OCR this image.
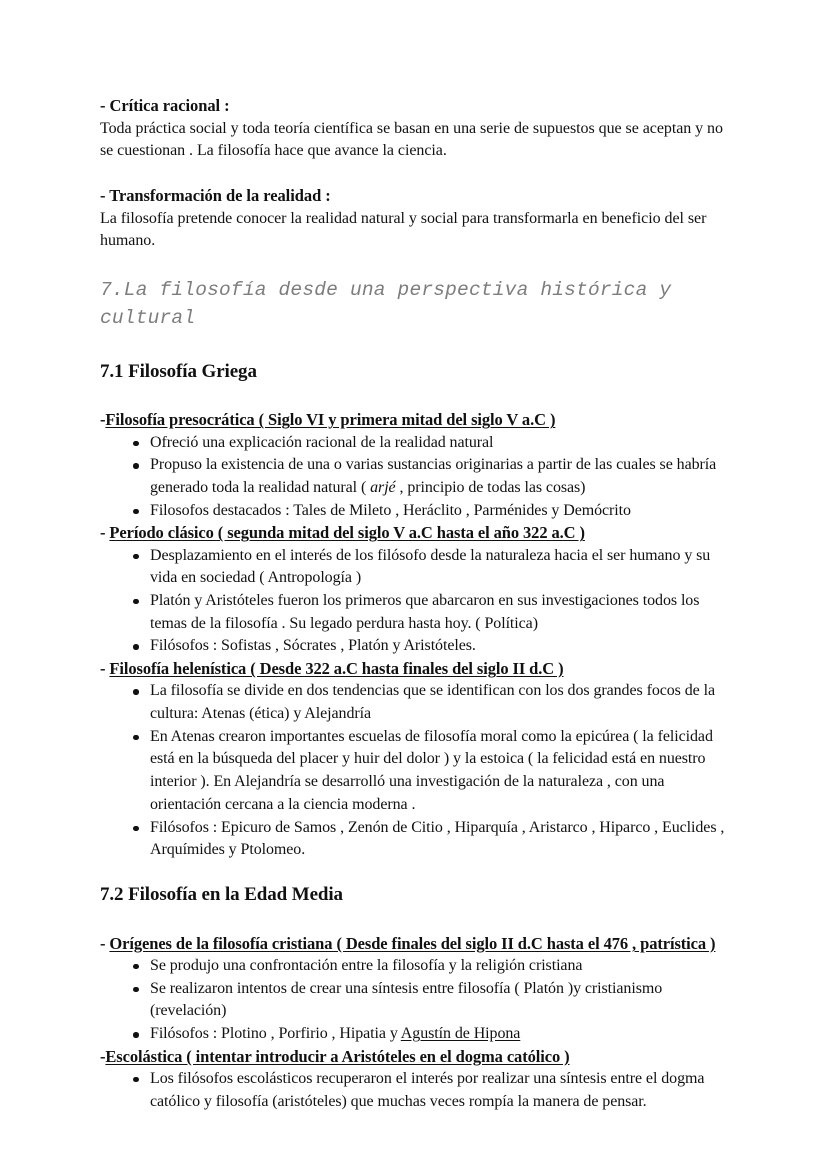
- Crítica racional :

Toda práctica social y toda teoría científica se basan en una serie de supuestos que se aceptan y no se cuestionan . La filosofía hace que avance la ciencia.

- Transformación de la realidad :

La filosofía pretende conocer la realidad natural y social para transformarla en beneficio del ser humano.

7.La filosofía desde una perspectiva histórica y cultural

7.1 Filosofía Griega

-Filosofía presocrática ( Siglo VI y primera mitad del siglo V a.C )

Ofreció una explicación racional de la realidad natural
Propuso la existencia de una o varias sustancias originarias a partir de las cuales se habría generado toda la realidad natural ( arjé , principio de todas las cosas)
Filosofos destacados : Tales de Mileto , Heráclito , Parménides y Demócrito

- Período clásico ( segunda mitad del siglo V a.C hasta el año 322 a.C )

Desplazamiento en el interés de los filósofo desde la naturaleza hacia el ser humano y su vida en sociedad ( Antropología )
Platón y Aristóteles fueron los primeros que abarcaron en sus investigaciones todos los temas de la filosofía . Su legado perdura hasta hoy. ( Política)
Filósofos : Sofistas , Sócrates , Platón y Aristóteles.

- Filosofía helenística ( Desde 322 a.C hasta finales del siglo II d.C )

La filosofía se divide en dos tendencias que se identifican con los dos grandes focos de la cultura: Atenas (ética) y Alejandría
En Atenas crearon importantes escuelas de filosofía moral como la epicúrea ( la felicidad está en la búsqueda del placer y huir del dolor ) y la estoica ( la felicidad está en nuestro interior ). En Alejandría se desarrolló una investigación de la naturaleza , con una orientación cercana a la ciencia moderna .
Filósofos : Epicuro de Samos , Zenón de Citio , Hiparquía , Aristarco , Hiparco , Euclides , Arquímides y Ptolomeo.

7.2 Filosofía en la Edad Media

- Orígenes de la filosofía cristiana ( Desde finales del siglo II d.C hasta el 476 , patrística )

Se produjo una confrontación entre la filosofía y la religión cristiana
Se realizaron intentos de crear una síntesis entre filosofía ( Platón )y cristianismo (revelación)
Filósofos : Plotino , Porfirio , Hipatia y Agustín de Hipona

-Escolástica ( intentar introducir a Aristóteles en el dogma católico )

Los filósofos escolásticos recuperaron el interés por realizar una síntesis entre el dogma católico y filosofía (aristóteles) que muchas veces rompía la manera de pensar.
